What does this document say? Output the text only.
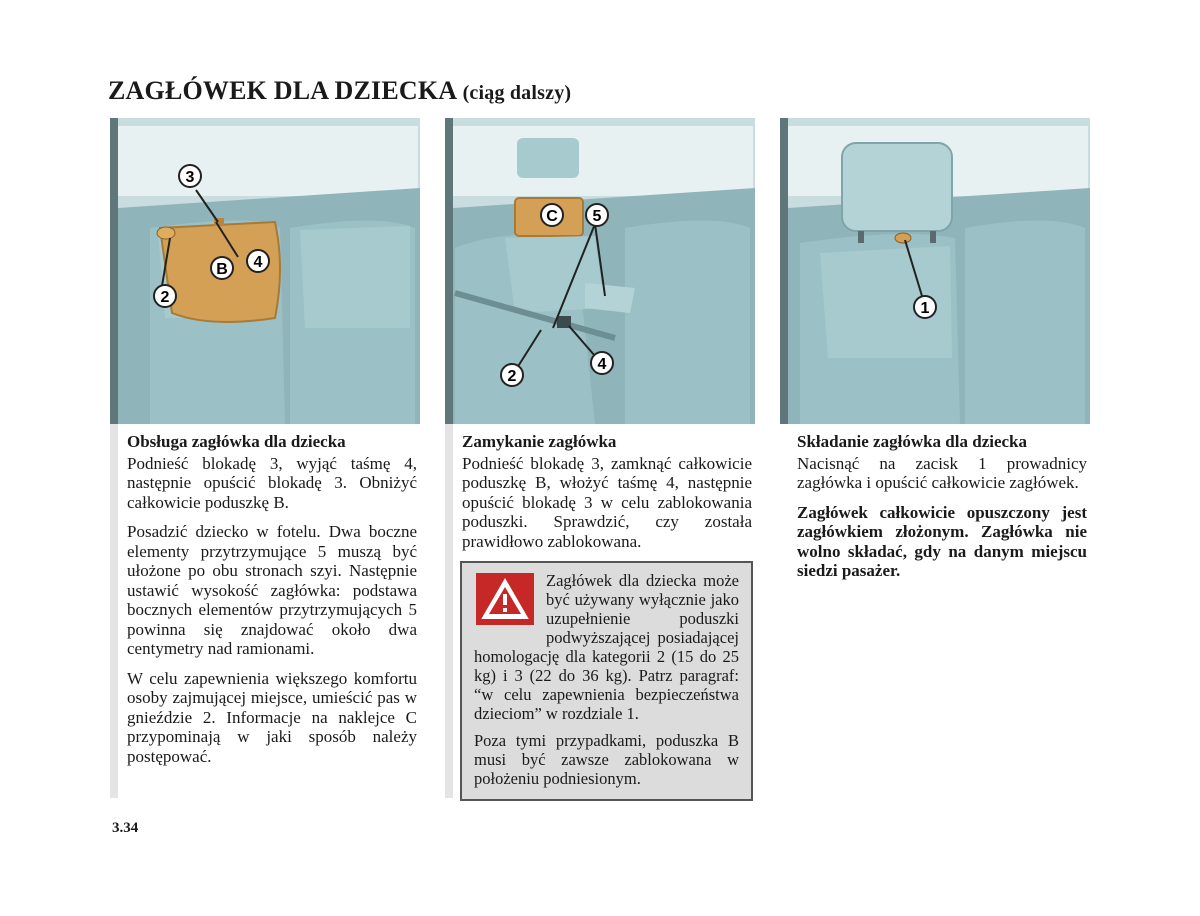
ZAGŁÓWEK DLA DZIECKA (ciąg dalszy)
3
4
B
2
Obsługa zagłówka dla dziecka

Podnieść blokadę 3, wyjąć taśmę 4, następnie opuścić blokadę 3. Obniżyć całkowicie poduszkę B.

Posadzić dziecko w fotelu. Dwa boczne elementy przytrzymujące 5 muszą być ułożone po obu stronach szyi. Następnie ustawić wysokość zagłówka: podstawa bocznych elementów przytrzymujących 5 powinna się znajdować około dwa centymetry nad ramionami.

W celu zapewnienia większego komfortu osoby zajmującej miejsce, umieścić pas w gnieździe 2. Informacje na naklejce C przypominają w jaki sposób należy postępować.

C 5
2
4
Zamykanie zagłówka

Podnieść blokadę 3, zamknąć całkowicie poduszkę B, włożyć taśmę 4, następnie opuścić blokadę 3 w celu zablokowania poduszki. Sprawdzić, czy została prawidłowo zablokowana.

Zagłówek dla dziecka może być używany wyłącznie jako uzupełnienie poduszki podwyższającej posiadającej homologację dla kategorii 2 (15 do 25 kg) i 3 (22 do 36 kg). Patrz paragraf: “w celu zapewnienia bezpieczeństwa dzieciom” w rozdziale 1.

Poza tymi przypadkami, poduszka B musi być zawsze zablokowana w położeniu podniesionym.

1
Składanie zagłówka dla dziecka

Nacisnąć na zacisk 1 prowadnicy zagłówka i opuścić całkowicie zagłówek.

Zagłówek całkowicie opuszczony jest zagłówkiem złożonym. Zagłówka nie wolno składać, gdy na danym miejscu siedzi pasażer.

3.34
